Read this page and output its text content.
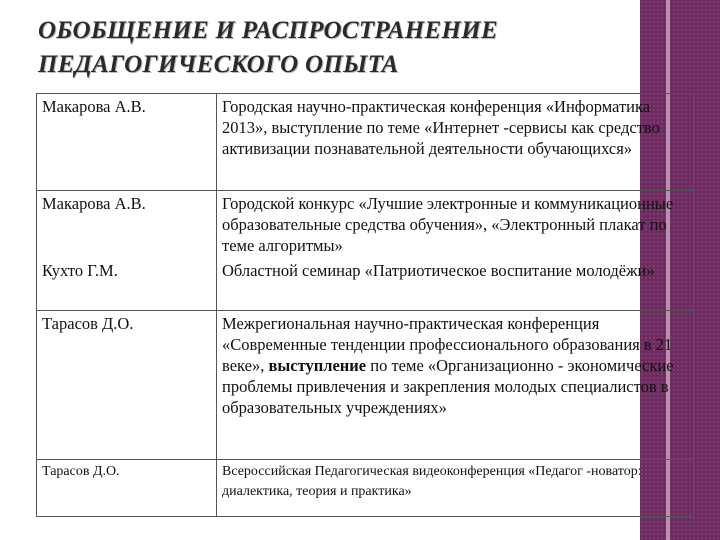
ОБОБЩЕНИЕ И РАСПРОСТРАНЕНИЕ ПЕДАГОГИЧЕСКОГО ОПЫТА
Макарова А.В.	Городская научно-практическая конференция «Информатика 2013», выступление по теме «Интернет -сервисы как средство активизации познавательной деятельности обучающихся»
Макарова А.В.	Городской конкурс «Лучшие электронные и коммуникационные образовательные средства обучения», «Электронный плакат по теме алгоритмы»
Кухто Г.М.	Областной семинар «Патриотическое воспитание молодёжи»
Тарасов Д.О.	Межрегиональная научно-практическая конференция «Современные тенденции профессионального образования в 21 веке», выступление по теме «Организационно - экономические проблемы привлечения и закрепления молодых специалистов в образовательных учреждениях»
Тарасов Д.О.	Всероссийская Педагогическая видеоконференция «Педагог -новатор: диалектика, теория и практика»
